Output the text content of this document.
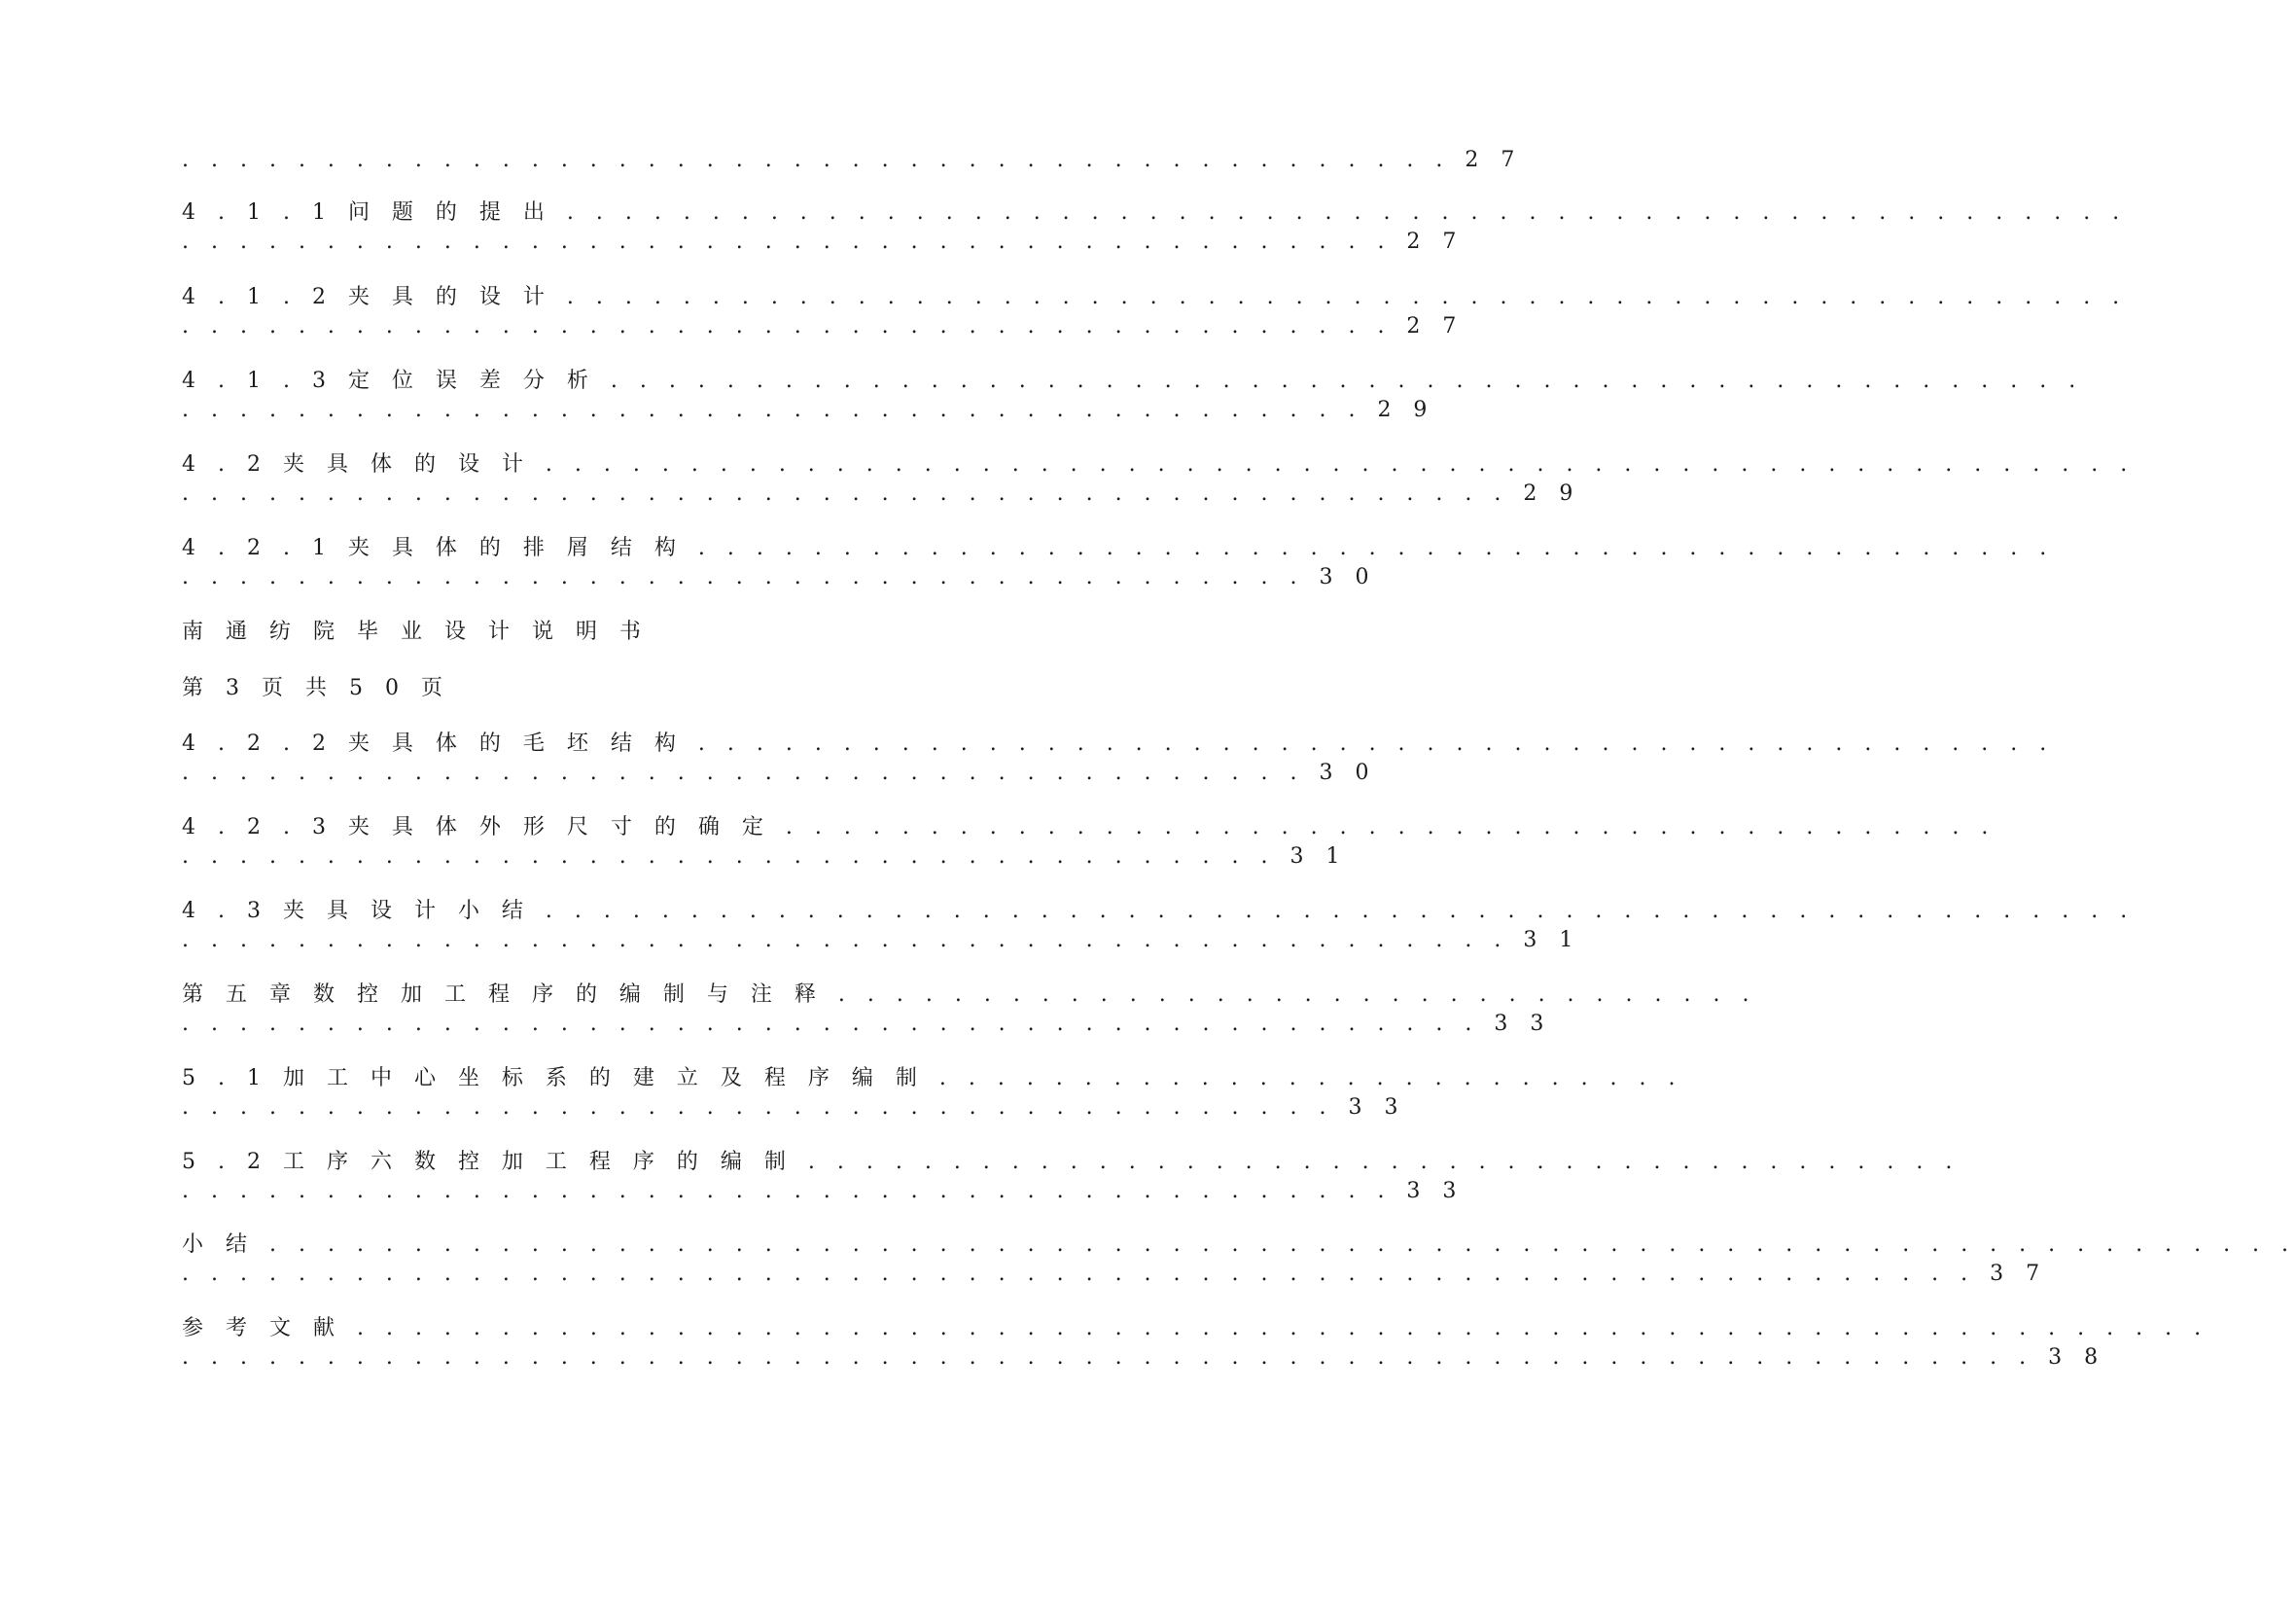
. . . . . . . . . . . . . . . . . . . . . . . . . . . . . . . . . . . . . . . . . . . . 2 7
4 . 1 . 1 问 题 的 提 出 . . . . . . . . . . . . . . . . . . . . . . . . . . . . . . . . . . . . . . . . . . . . . . . . . . . . . .
. . . . . . . . . . . . . . . . . . . . . . . . . . . . . . . . . . . . . . . . . . 2 7
4 . 1 . 2 夹 具 的 设 计 . . . . . . . . . . . . . . . . . . . . . . . . . . . . . . . . . . . . . . . . . . . . . . . . . . . . . .
. . . . . . . . . . . . . . . . . . . . . . . . . . . . . . . . . . . . . . . . . . 2 7
4 . 1 . 3 定 位 误 差 分 析 . . . . . . . . . . . . . . . . . . . . . . . . . . . . . . . . . . . . . . . . . . . . . . . . . . .
. . . . . . . . . . . . . . . . . . . . . . . . . . . . . . . . . . . . . . . . . 2 9
4 . 2 夹 具 体 的 设 计 . . . . . . . . . . . . . . . . . . . . . . . . . . . . . . . . . . . . . . . . . . . . . . . . . . . . . . .
. . . . . . . . . . . . . . . . . . . . . . . . . . . . . . . . . . . . . . . . . . . . . . 2 9
4 . 2 . 1 夹 具 体 的 排 屑 结 构 . . . . . . . . . . . . . . . . . . . . . . . . . . . . . . . . . . . . . . . . . . . . . . .
. . . . . . . . . . . . . . . . . . . . . . . . . . . . . . . . . . . . . . . 3 0
南 通 纺 院 毕 业 设 计 说 明 书
第 3 页 共 5 0 页
4 . 2 . 2 夹 具 体 的 毛 坯 结 构 . . . . . . . . . . . . . . . . . . . . . . . . . . . . . . . . . . . . . . . . . . . . . . .
. . . . . . . . . . . . . . . . . . . . . . . . . . . . . . . . . . . . . . . 3 0
4 . 2 . 3 夹 具 体 外 形 尺 寸 的 确 定 . . . . . . . . . . . . . . . . . . . . . . . . . . . . . . . . . . . . . . . . . .
. . . . . . . . . . . . . . . . . . . . . . . . . . . . . . . . . . . . . . 3 1
4 . 3 夹 具 设 计 小 结 . . . . . . . . . . . . . . . . . . . . . . . . . . . . . . . . . . . . . . . . . . . . . . . . . . . . . . .
. . . . . . . . . . . . . . . . . . . . . . . . . . . . . . . . . . . . . . . . . . . . . . 3 1
第 五 章 数 控 加 工 程 序 的 编 制 与 注 释 . . . . . . . . . . . . . . . . . . . . . . . . . . . . . . . .
. . . . . . . . . . . . . . . . . . . . . . . . . . . . . . . . . . . . . . . . . . . . . 3 3
5 . 1 加 工 中 心 坐 标 系 的 建 立 及 程 序 编 制 . . . . . . . . . . . . . . . . . . . . . . . . . .
. . . . . . . . . . . . . . . . . . . . . . . . . . . . . . . . . . . . . . . . 3 3
5 . 2 工 序 六 数 控 加 工 程 序 的 编 制 . . . . . . . . . . . . . . . . . . . . . . . . . . . . . . . . . . . . . . . .
. . . . . . . . . . . . . . . . . . . . . . . . . . . . . . . . . . . . . . . . . . 3 3
小 结 . . . . . . . . . . . . . . . . . . . . . . . . . . . . . . . . . . . . . . . . . . . . . . . . . . . . . . . . . . . . . . . . . . . . . .
. . . . . . . . . . . . . . . . . . . . . . . . . . . . . . . . . . . . . . . . . . . . . . . . . . . . . . . . . . . . . . 3 7
参 考 文 献 . . . . . . . . . . . . . . . . . . . . . . . . . . . . . . . . . . . . . . . . . . . . . . . . . . . . . . . . . . . . . . . .
. . . . . . . . . . . . . . . . . . . . . . . . . . . . . . . . . . . . . . . . . . . . . . . . . . . . . . . . . . . . . . . . 3 8
